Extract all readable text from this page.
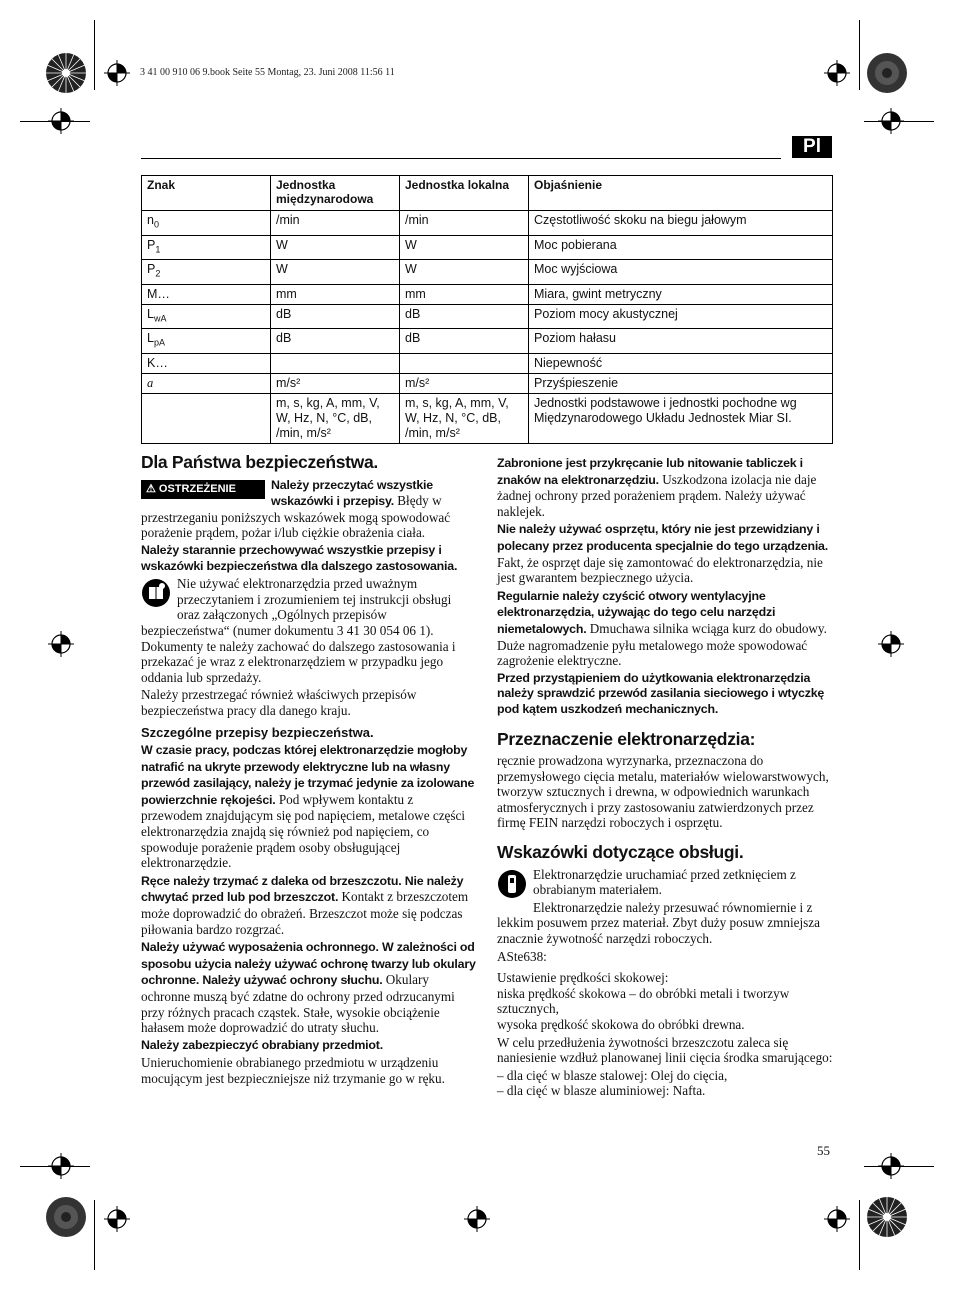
3 41 00 910 06 9.book Seite 55 Montag, 23. Juni 2008 11:56 11
Pl
Znak	Jednostka międzynarodowa	Jednostka lokalna	Objaśnienie
$n_0$	/min	/min	Częstotliwość skoku na biegu jałowym
$P_1$	W	W	Moc pobierana
$P_2$	W	W	Moc wyjściowa
M…	mm	mm	Miara, gwint metryczny
$L_{wA}$	dB	dB	Poziom mocy akustycznej
$L_{pA}$	dB	dB	Poziom hałasu
K…			Niepewność
a	m/s²	m/s²	Przyśpieszenie
	m, s, kg, A, mm, V, W, Hz, N, °C, dB, /min, m/s²	m, s, kg, A, mm, V, W, Hz, N, °C, dB, /min, m/s²	Jednostki podstawowe i jednostki pochodne wg Międzynarodowego Układu Jednostek Miar SI.
Dla Państwa bezpieczeństwa.

⚠ OSTRZEŻENIE	Należy przeczytać wszystkie wskazówki i przepisy. Błędy w przestrzeganiu poniższych wskazówek mogą spowodować porażenie prądem, pożar i/lub ciężkie obrażenia ciała.

Należy starannie przechowywać wszystkie przepisy i wskazówki bezpieczeństwa dla dalszego zastosowania.

Nie używać elektronarzędzia przed uważnym przeczytaniem i zrozumieniem tej instrukcji obsługi oraz załączonych „Ogólnych przepisów bezpieczeństwa“ (numer dokumentu 3 41 30 054 06 1). Dokumenty te należy zachować do dalszego zastosowania i przekazać je wraz z elektronarzędziem w przypadku jego oddania lub sprzedaży.

Należy przestrzegać również właściwych przepisów bezpieczeństwa pracy dla danego kraju.

Szczególne przepisy bezpieczeństwa.

W czasie pracy, podczas której elektronarzędzie mogłoby natrafić na ukryte przewody elektryczne lub na własny przewód zasilający, należy je trzymać jedynie za izolowane powierzchnie rękojeści. Pod wpływem kontaktu z przewodem znajdującym się pod napięciem, metalowe części elektronarzędzia znajdą się również pod napięciem, co spowoduje porażenie prądem osoby obsługującej elektronarzędzie.

Ręce należy trzymać z daleka od brzeszczotu. Nie należy chwytać przed lub pod brzeszczot. Kontakt z brzeszczotem może doprowadzić do obrażeń. Brzeszczot może się podczas piłowania bardzo rozgrzać.

Należy używać wyposażenia ochronnego. W zależności od sposobu użycia należy używać ochronę twarzy lub okulary ochronne. Należy używać ochrony słuchu. Okulary ochronne muszą być zdatne do ochrony przed odrzucanymi przy różnych pracach cząstek. Stałe, wysokie obciążenie hałasem może doprowadzić do utraty słuchu.

Należy zabezpieczyć obrabiany przedmiot.

Unieruchomienie obrabianego przedmiotu w urządzeniu mocującym jest bezpieczniejsze niż trzymanie go w ręku.

Zabronione jest przykręcanie lub nitowanie tabliczek i znaków na elektronarzędziu. Uszkodzona izolacja nie daje żadnej ochrony przed porażeniem prądem. Należy używać naklejek.

Nie należy używać osprzętu, który nie jest przewidziany i polecany przez producenta specjalnie do tego urządzenia. Fakt, że osprzęt daje się zamontować do elektronarzędzia, nie jest gwarantem bezpiecznego użycia.

Regularnie należy czyścić otwory wentylacyjne elektronarzędzia, używając do tego celu narzędzi niemetalowych. Dmuchawa silnika wciąga kurz do obudowy. Duże nagromadzenie pyłu metalowego może spowodować zagrożenie elektryczne.

Przed przystąpieniem do użytkowania elektronarzędzia należy sprawdzić przewód zasilania sieciowego i wtyczkę pod kątem uszkodzeń mechanicznych.

Przeznaczenie elektronarzędzia:

ręcznie prowadzona wyrzynarka, przeznaczona do przemysłowego cięcia metalu, materiałów wielowarstwowych, tworzyw sztucznych i drewna, w odpowiednich warunkach atmosferycznych i przy zastosowaniu zatwierdzonych przez firmę FEIN narzędzi roboczych i osprzętu.

Wskazówki dotyczące obsługi.

Elektronarzędzie uruchamiać przed zetknięciem z obrabianym materiałem.

Elektronarzędzie należy przesuwać równomiernie i z lekkim posuwem przez materiał. Zbyt duży posuw zmniejsza znacznie żywotność narzędzi roboczych.

ASte638:

Ustawienie prędkości skokowej:

niska prędkość skokowa – do obróbki metali i tworzyw sztucznych,

wysoka prędkość skokowa do obróbki drewna.

W celu przedłużenia żywotności brzeszczotu zaleca się naniesienie wzdłuż planowanej linii cięcia środka smarującego:

– dla cięć w blasze stalowej: Olej do cięcia,

– dla cięć w blasze aluminiowej: Nafta.

55
